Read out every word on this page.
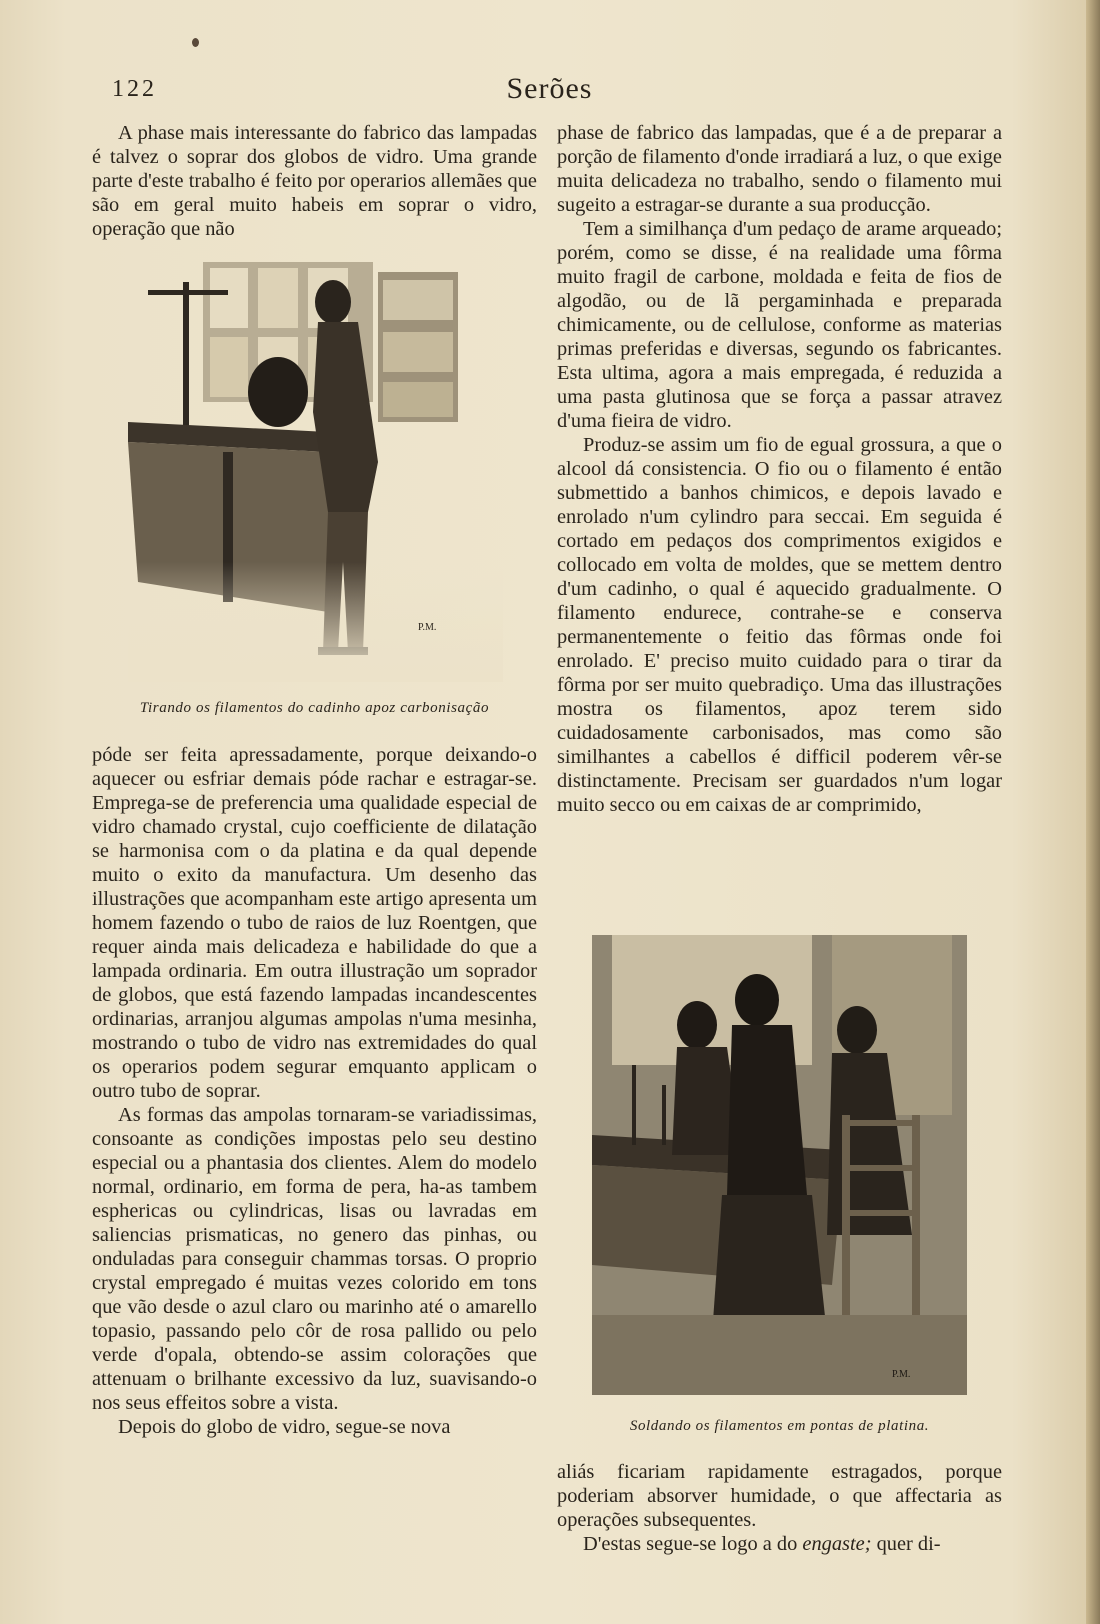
122	Serões

A phase mais interessante do fabrico das lampadas é talvez o soprar dos globos de vidro. Uma grande parte d'este trabalho é feito por operarios allemães que são em geral muito habeis em soprar o vidro, operação que não

P.M.
Tirando os filamentos do cadinho apoz carbonisação

póde ser feita apressadamente, porque deixando-o aquecer ou esfriar demais póde rachar e estragar-se. Emprega-se de preferencia uma qualidade especial de vidro chamado crystal, cujo coefficiente de dilatação se harmonisa com o da platina e da qual depende muito o exito da manufactura. Um desenho das illustrações que acompanham este artigo apresenta um homem fazendo o tubo de raios de luz Roentgen, que requer ainda mais delicadeza e habilidade do que a lampada ordinaria. Em outra illustração um soprador de globos, que está fazendo lampadas incandescentes ordinarias, arranjou algumas ampolas n'uma mesinha, mostrando o tubo de vidro nas extremidades do qual os operarios podem segurar emquanto applicam o outro tubo de soprar.

As formas das ampolas tornaram-se variadissimas, consoante as condições impostas pelo seu destino especial ou a phantasia dos clientes. Alem do modelo normal, ordinario, em forma de pera, ha-as tambem esphericas ou cylindricas, lisas ou lavradas em saliencias prismaticas, no genero das pinhas, ou onduladas para conseguir chammas torsas. O proprio crystal empregado é muitas vezes colorido em tons que vão desde o azul claro ou marinho até o amarello topasio, passando pelo côr de rosa pallido ou pelo verde d'opala, obtendo-se assim colorações que attenuam o brilhante excessivo da luz, suavisando-o nos seus effeitos sobre a vista.

Depois do globo de vidro, segue-se nova

phase de fabrico das lampadas, que é a de preparar a porção de filamento d'onde irradiará a luz, o que exige muita delicadeza no trabalho, sendo o filamento mui sugeito a estragar-se durante a sua producção.

Tem a similhança d'um pedaço de arame arqueado; porém, como se disse, é na realidade uma fôrma muito fragil de carbone, moldada e feita de fios de algodão, ou de lã pergaminhada e preparada chimicamente, ou de cellulose, conforme as materias primas preferidas e diversas, segundo os fabricantes. Esta ultima, agora a mais empregada, é reduzida a uma pasta glutinosa que se força a passar atravez d'uma fieira de vidro.

Produz-se assim um fio de egual grossura, a que o alcool dá consistencia. O fio ou o filamento é então submettido a banhos chimicos, e depois lavado e enrolado n'um cylindro para seccai. Em seguida é cortado em pedaços dos comprimentos exigidos e collocado em volta de moldes, que se mettem dentro d'um cadinho, o qual é aquecido gradualmente. O filamento endurece, contrahe-se e conserva permanentemente o feitio das fôrmas onde foi enrolado. E' preciso muito cuidado para o tirar da fôrma por ser muito quebradiço. Uma das illustrações mostra os filamentos, apoz terem sido cuidadosamente carbonisados, mas como são similhantes a cabellos é difficil poderem vêr-se distinctamente. Precisam ser guardados n'um logar muito secco ou em caixas de ar comprimido,

P.M.
Soldando os filamentos em pontas de platina.

aliás ficariam rapidamente estragados, porque poderiam absorver humidade, o que affectaria as operações subsequentes.

D'estas segue-se logo a do engaste; quer di-
